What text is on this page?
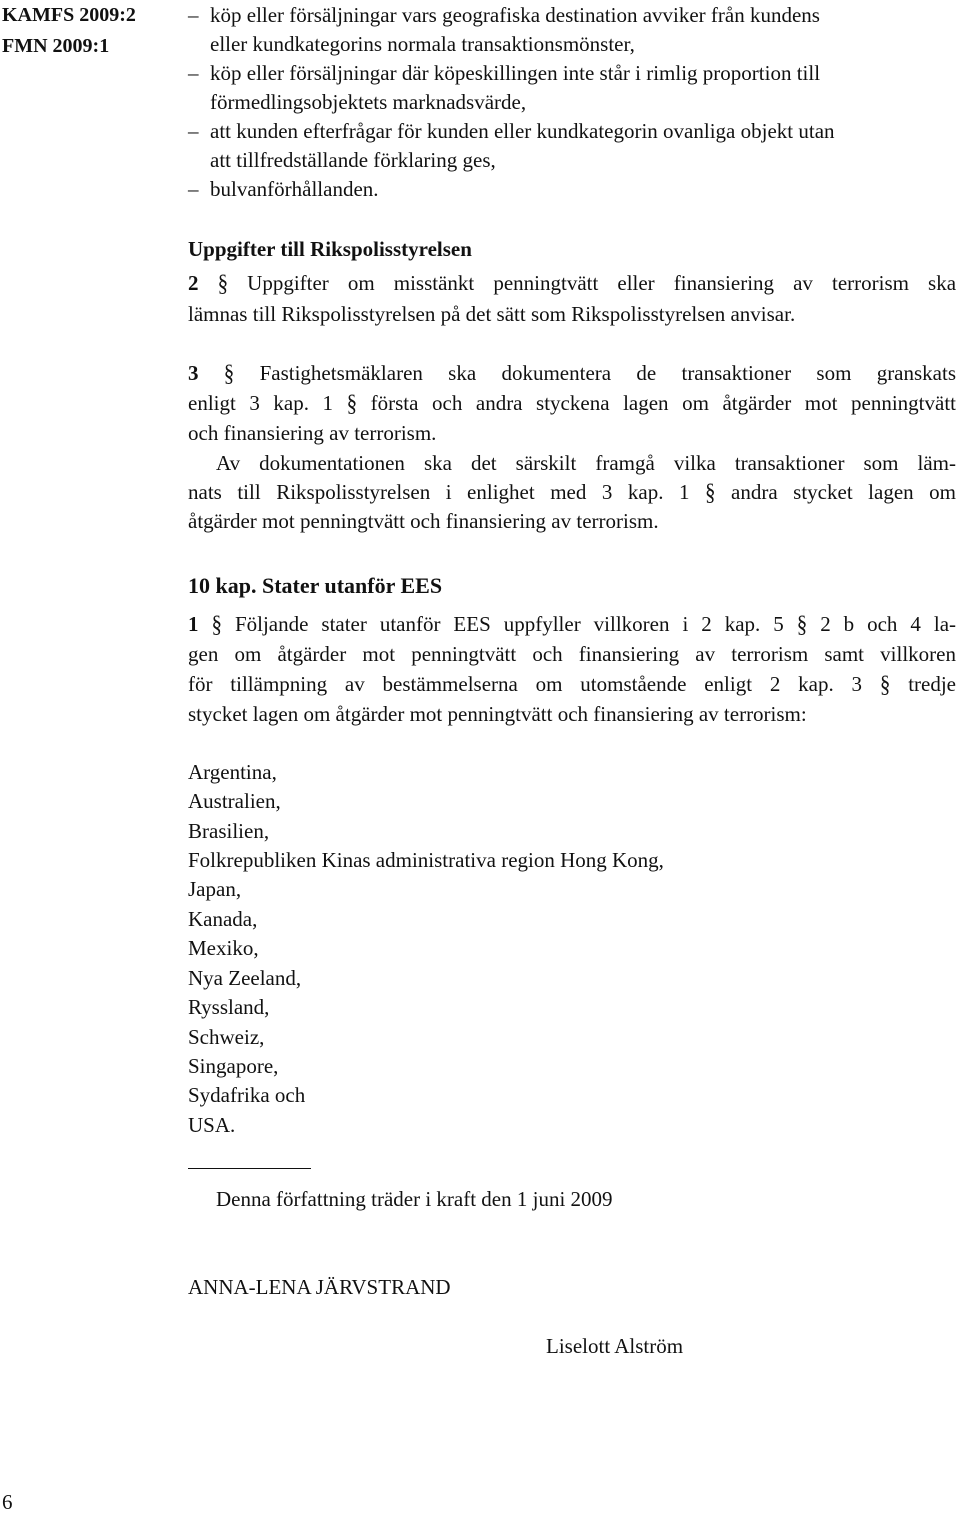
KAMFS 2009:2
FMN 2009:1
– köp eller försäljningar vars geografiska destination avviker från kundens
eller kundkategorins normala transaktionsmönster,
– köp eller försäljningar där köpeskillingen inte står i rimlig proportion till
förmedlingsobjektets marknadsvärde,
– att kunden efterfrågar för kunden eller kundkategorin ovanliga objekt utan
att tillfredställande förklaring ges,
– bulvanförhållanden.
Uppgifter till Rikspolisstyrelsen
2 § Uppgifter om misstänkt penningtvätt eller finansiering av terrorism ska
lämnas till Rikspolisstyrelsen på det sätt som Rikspolisstyrelsen anvisar.
3 § Fastighetsmäklaren ska dokumentera de transaktioner som granskats
enligt 3 kap. 1 § första och andra styckena lagen om åtgärder mot penningtvätt
och finansiering av terrorism.
Av dokumentationen ska det särskilt framgå vilka transaktioner som läm-
nats till Rikspolisstyrelsen i enlighet med 3 kap. 1 § andra stycket lagen om
åtgärder mot penningtvätt och finansiering av terrorism.
10 kap. Stater utanför EES
1 § Följande stater utanför EES uppfyller villkoren i 2 kap. 5 § 2 b och 4 la-
gen om åtgärder mot penningtvätt och finansiering av terrorism samt villkoren
för tillämpning av bestämmelserna om utomstående enligt 2 kap. 3 § tredje
stycket lagen om åtgärder mot penningtvätt och finansiering av terrorism:
Argentina,
Australien,
Brasilien,
Folkrepubliken Kinas administrativa region Hong Kong,
Japan,
Kanada,
Mexiko,
Nya Zeeland,
Ryssland,
Schweiz,
Singapore,
Sydafrika och
USA.
Denna författning träder i kraft den 1 juni 2009
ANNA-LENA JÄRVSTRAND
Liselott Alström
6
